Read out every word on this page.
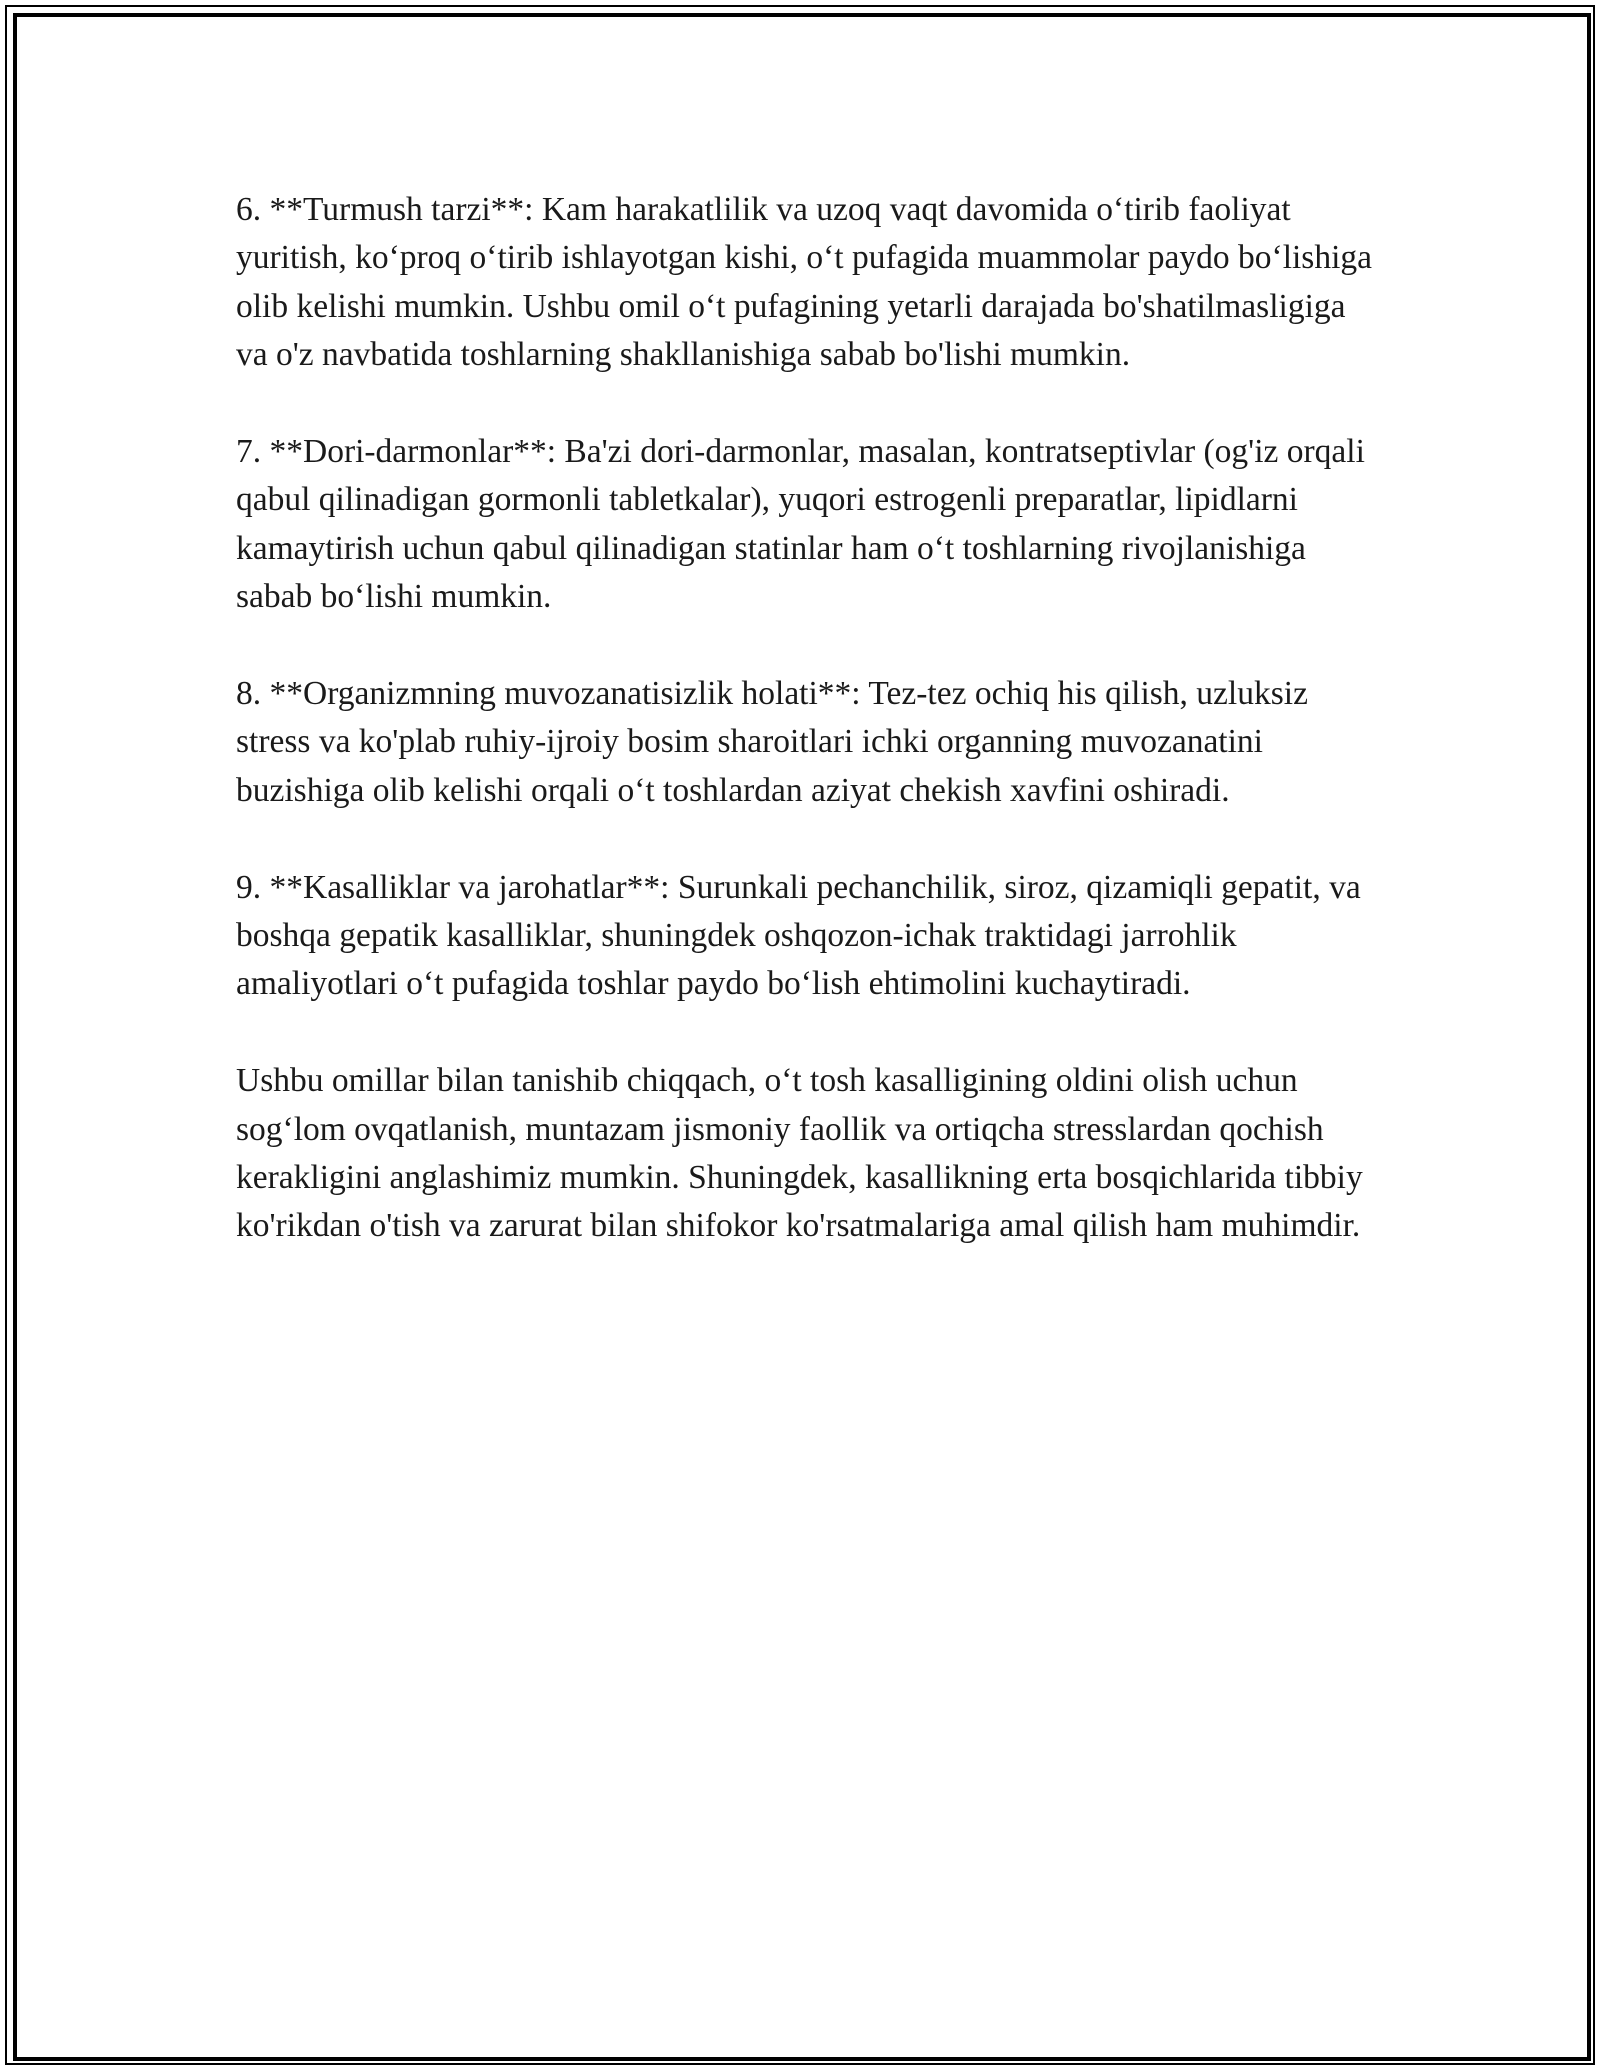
6. **Turmush tarzi**: Kam harakatlilik va uzoq vaqt davomida o‘tirib faoliyat yuritish, ko‘proq o‘tirib ishlayotgan kishi, o‘t pufagida muammolar paydo bo‘lishiga olib kelishi mumkin. Ushbu omil o‘t pufagining yetarli darajada bo'shatilmasligiga va o'z navbatida toshlarning shakllanishiga sabab bo'lishi mumkin.

7. **Dori-darmonlar**: Ba'zi dori-darmonlar, masalan, kontratseptivlar (og'iz orqali qabul qilinadigan gormonli tabletkalar), yuqori estrogenli preparatlar, lipidlarni kamaytirish uchun qabul qilinadigan statinlar ham o‘t toshlarning rivojlanishiga sabab bo‘lishi mumkin.

8. **Organizmning muvozanatisizlik holati**: Tez-tez ochiq his qilish, uzluksiz stress va ko'plab ruhiy-ijroiy bosim sharoitlari ichki organning muvozanatini buzishiga olib kelishi orqali o‘t toshlardan aziyat chekish xavfini oshiradi.

9. **Kasalliklar va jarohatlar**: Surunkali pechanchilik, siroz, qizamiqli gepatit, va boshqa gepatik kasalliklar, shuningdek oshqozon-ichak traktidagi jarrohlik amaliyotlari o‘t pufagida toshlar paydo bo‘lish ehtimolini kuchaytiradi.

Ushbu omillar bilan tanishib chiqqach, o‘t tosh kasalligining oldini olish uchun sog‘lom ovqatlanish, muntazam jismoniy faollik va ortiqcha stresslardan qochish kerakligini anglashimiz mumkin. Shuningdek, kasallikning erta bosqichlarida tibbiy ko'rikdan o'tish va zarurat bilan shifokor ko'rsatmalariga amal qilish ham muhimdir.
